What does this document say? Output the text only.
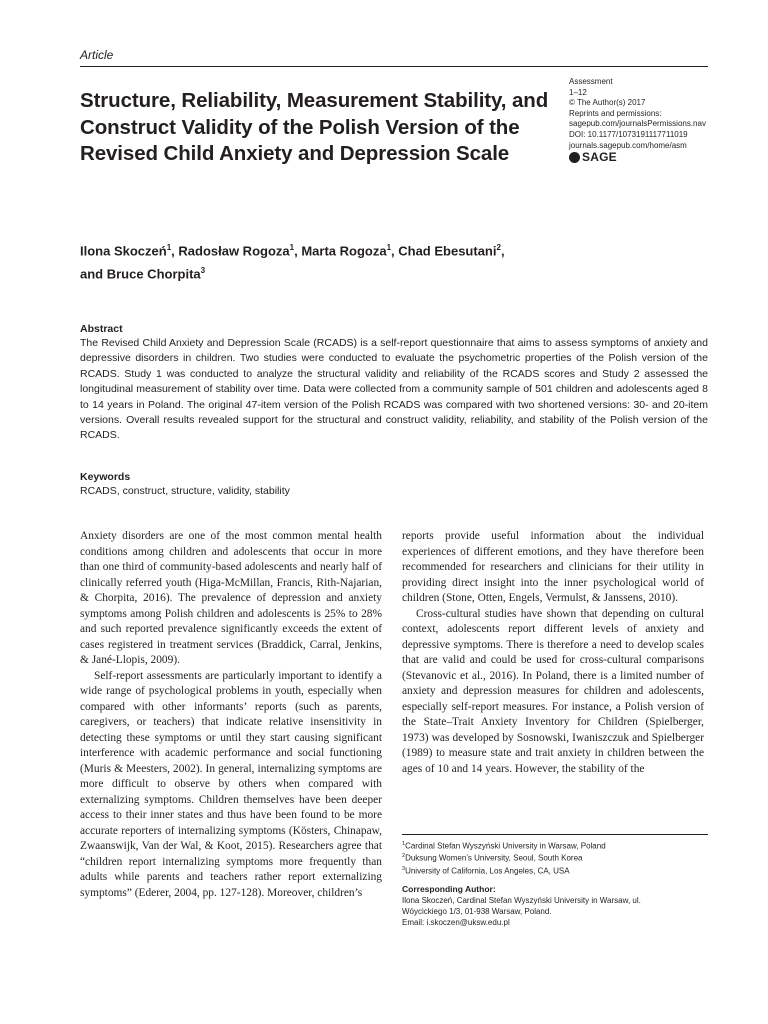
Article
Structure, Reliability, Measurement Stability, and Construct Validity of the Polish Version of the Revised Child Anxiety and Depression Scale
Assessment
1–12
© The Author(s) 2017
Reprints and permissions:
sagepub.com/journalsPermissions.nav
DOI: 10.1177/1073191117711019
journals.sagepub.com/home/asm
SAGE

Ilona Skoczeń$^1$, Radosław Rogoza$^1$, Marta Rogoza$^1$, Chad Ebesutani$^2$,
and Bruce Chorpita$^3$

Abstract

The Revised Child Anxiety and Depression Scale (RCADS) is a self-report questionnaire that aims to assess symptoms of anxiety and depressive disorders in children. Two studies were conducted to evaluate the psychometric properties of the Polish version of the RCADS. Study 1 was conducted to analyze the structural validity and reliability of the RCADS scores and Study 2 assessed the longitudinal measurement of stability over time. Data were collected from a community sample of 501 children and adolescents aged 8 to 14 years in Poland. The original 47-item version of the Polish RCADS was compared with two shortened versions: 30- and 20-item versions. Overall results revealed support for the structural and construct validity, reliability, and stability of the Polish version of the RCADS.

Keywords

RCADS, construct, structure, validity, stability

Anxiety disorders are one of the most common mental health conditions among children and adolescents that occur in more than one third of community-based adolescents and nearly half of clinically referred youth (Higa-McMillan, Francis, Rith-Najarian, & Chorpita, 2016). The prevalence of depression and anxiety symptoms among Polish children and adolescents is 25% to 28% and such reported prevalence significantly exceeds the extent of cases registered in treatment services (Braddick, Carral, Jenkins, & Jané-Llopis, 2009).

Self-report assessments are particularly important to identify a wide range of psychological problems in youth, especially when compared with other informants’ reports (such as parents, caregivers, or teachers) that indicate relative insensitivity in detecting these symptoms or until they start causing significant interference with academic performance and social functioning (Muris & Meesters, 2002). In general, internalizing symptoms are more difficult to observe by others when compared with externalizing symptoms. Children themselves have been deeper access to their inner states and thus have been found to be more accurate reporters of internalizing symptoms (Kösters, Chinapaw, Zwaanswijk, Van der Wal, & Koot, 2015). Researchers agree that “children report internalizing symptoms more frequently than adults while parents and teachers rather report externalizing symptoms” (Ederer, 2004, pp. 127-128). Moreover, children’s

reports provide useful information about the individual experiences of different emotions, and they have therefore been recommended for researchers and clinicians for their utility in providing direct insight into the inner psychological world of children (Stone, Otten, Engels, Vermulst, & Janssens, 2010).

Cross-cultural studies have shown that depending on cultural context, adolescents report different levels of anxiety and depressive symptoms. There is therefore a need to develop scales that are valid and could be used for cross-cultural comparisons (Stevanovic et al., 2016). In Poland, there is a limited number of anxiety and depression measures for children and adolescents, especially self-report measures. For instance, a Polish version of the State–Trait Anxiety Inventory for Children (Spielberger, 1973) was developed by Sosnowski, Iwaniszczuk and Spielberger (1989) to measure state and trait anxiety in children between the ages of 10 and 14 years. However, the stability of the

$^1$Cardinal Stefan Wyszyński University in Warsaw, Poland
$^2$Duksung Women’s University, Seoul, South Korea
$^3$University of California, Los Angeles, CA, USA
Corresponding Author:
Ilona Skoczeń, Cardinal Stefan Wyszyński University in Warsaw, ul.
Wóycickiego 1/3, 01-938 Warsaw, Poland.
Email: i.skoczen@uksw.edu.pl
